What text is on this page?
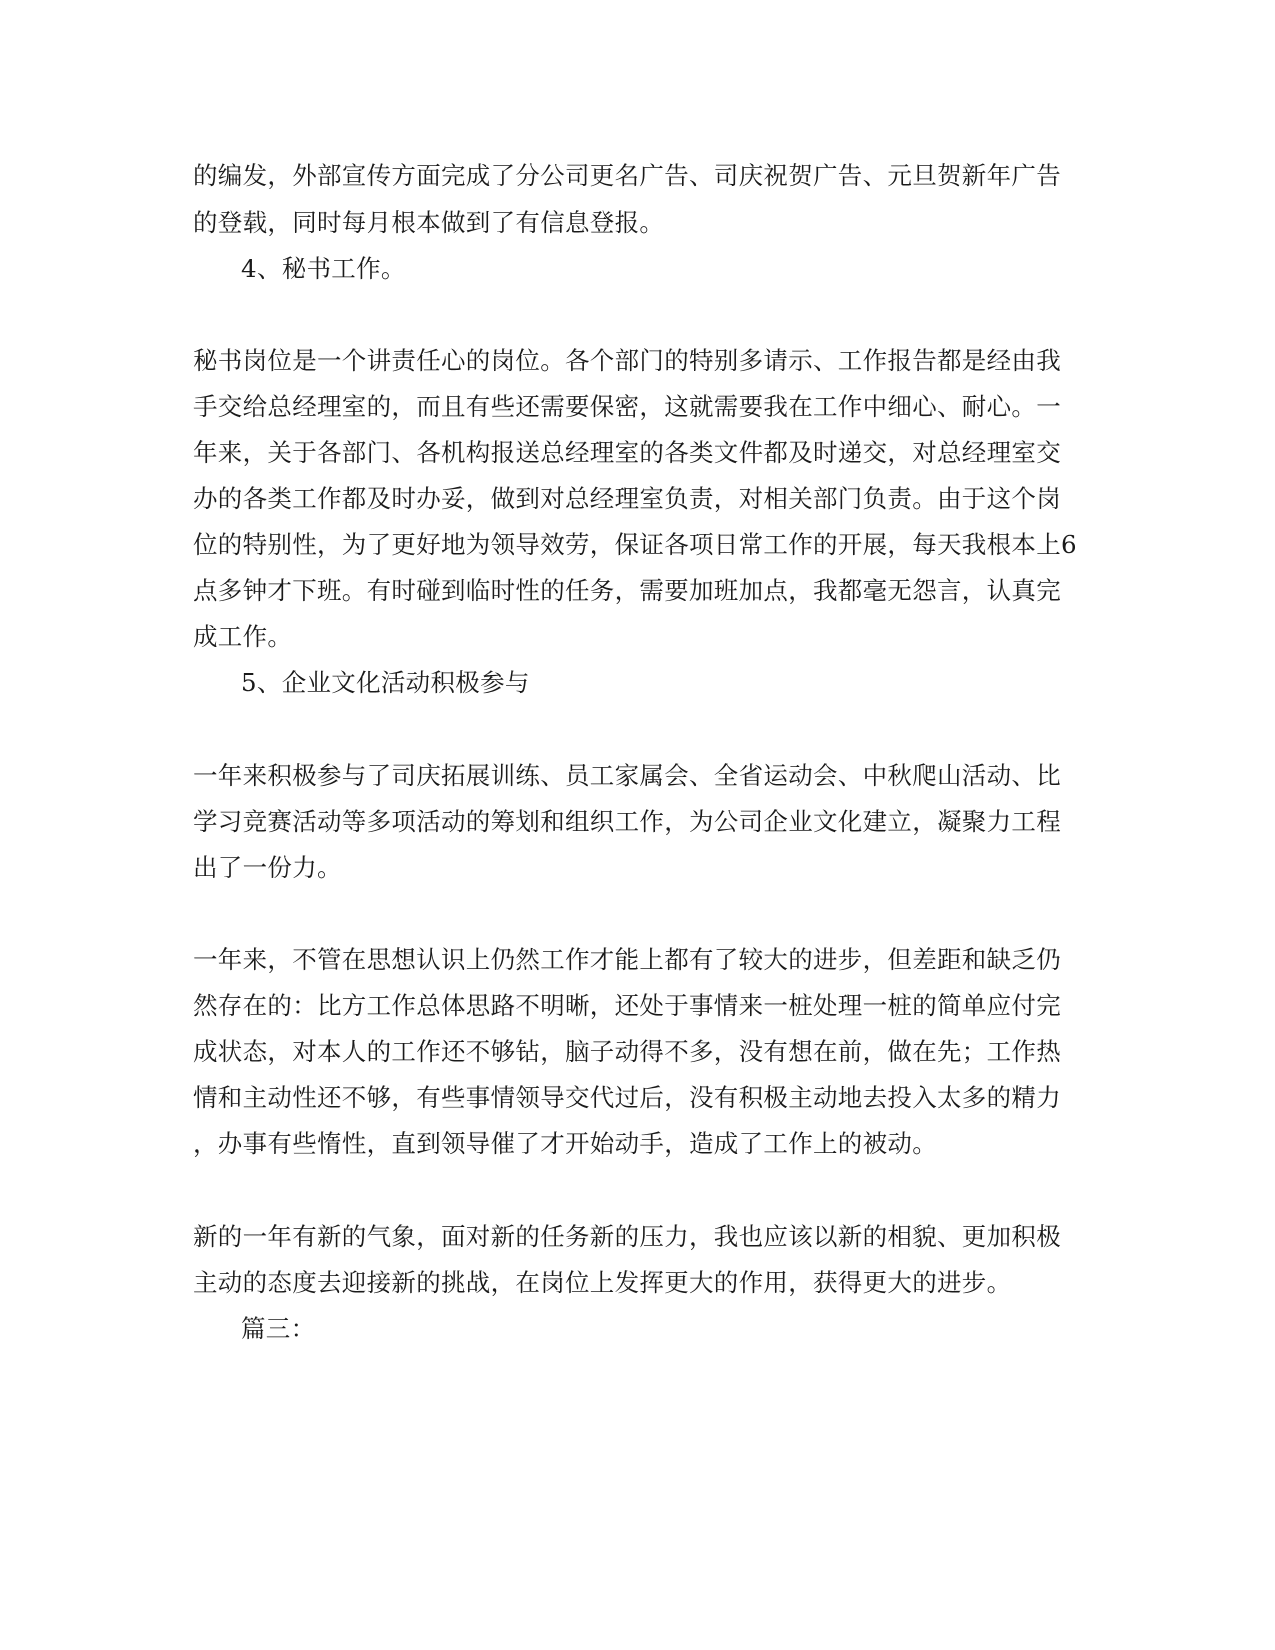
的编发，外部宣传方面完成了分公司更名广告、司庆祝贺广告、元旦贺新年广告
的登载，同时每月根本做到了有信息登报。
4、秘书工作。
秘书岗位是一个讲责任心的岗位。各个部门的特别多请示、工作报告都是经由我
手交给总经理室的，而且有些还需要保密，这就需要我在工作中细心、耐心。一
年来，关于各部门、各机构报送总经理室的各类文件都及时递交，对总经理室交
办的各类工作都及时办妥，做到对总经理室负责，对相关部门负责。由于这个岗
位的特别性，为了更好地为领导效劳，保证各项日常工作的开展，每天我根本上6
点多钟才下班。有时碰到临时性的任务，需要加班加点，我都毫无怨言，认真完
成工作。
5、企业文化活动积极参与
一年来积极参与了司庆拓展训练、员工家属会、全省运动会、中秋爬山活动、比
学习竞赛活动等多项活动的筹划和组织工作，为公司企业文化建立，凝聚力工程
出了一份力。
一年来，不管在思想认识上仍然工作才能上都有了较大的进步，但差距和缺乏仍
然存在的：比方工作总体思路不明晰，还处于事情来一桩处理一桩的简单应付完
成状态，对本人的工作还不够钻，脑子动得不多，没有想在前，做在先；工作热
情和主动性还不够，有些事情领导交代过后，没有积极主动地去投入太多的精力
，办事有些惰性，直到领导催了才开始动手，造成了工作上的被动。
新的一年有新的气象，面对新的任务新的压力，我也应该以新的相貌、更加积极
主动的态度去迎接新的挑战，在岗位上发挥更大的作用，获得更大的进步。
篇三：
